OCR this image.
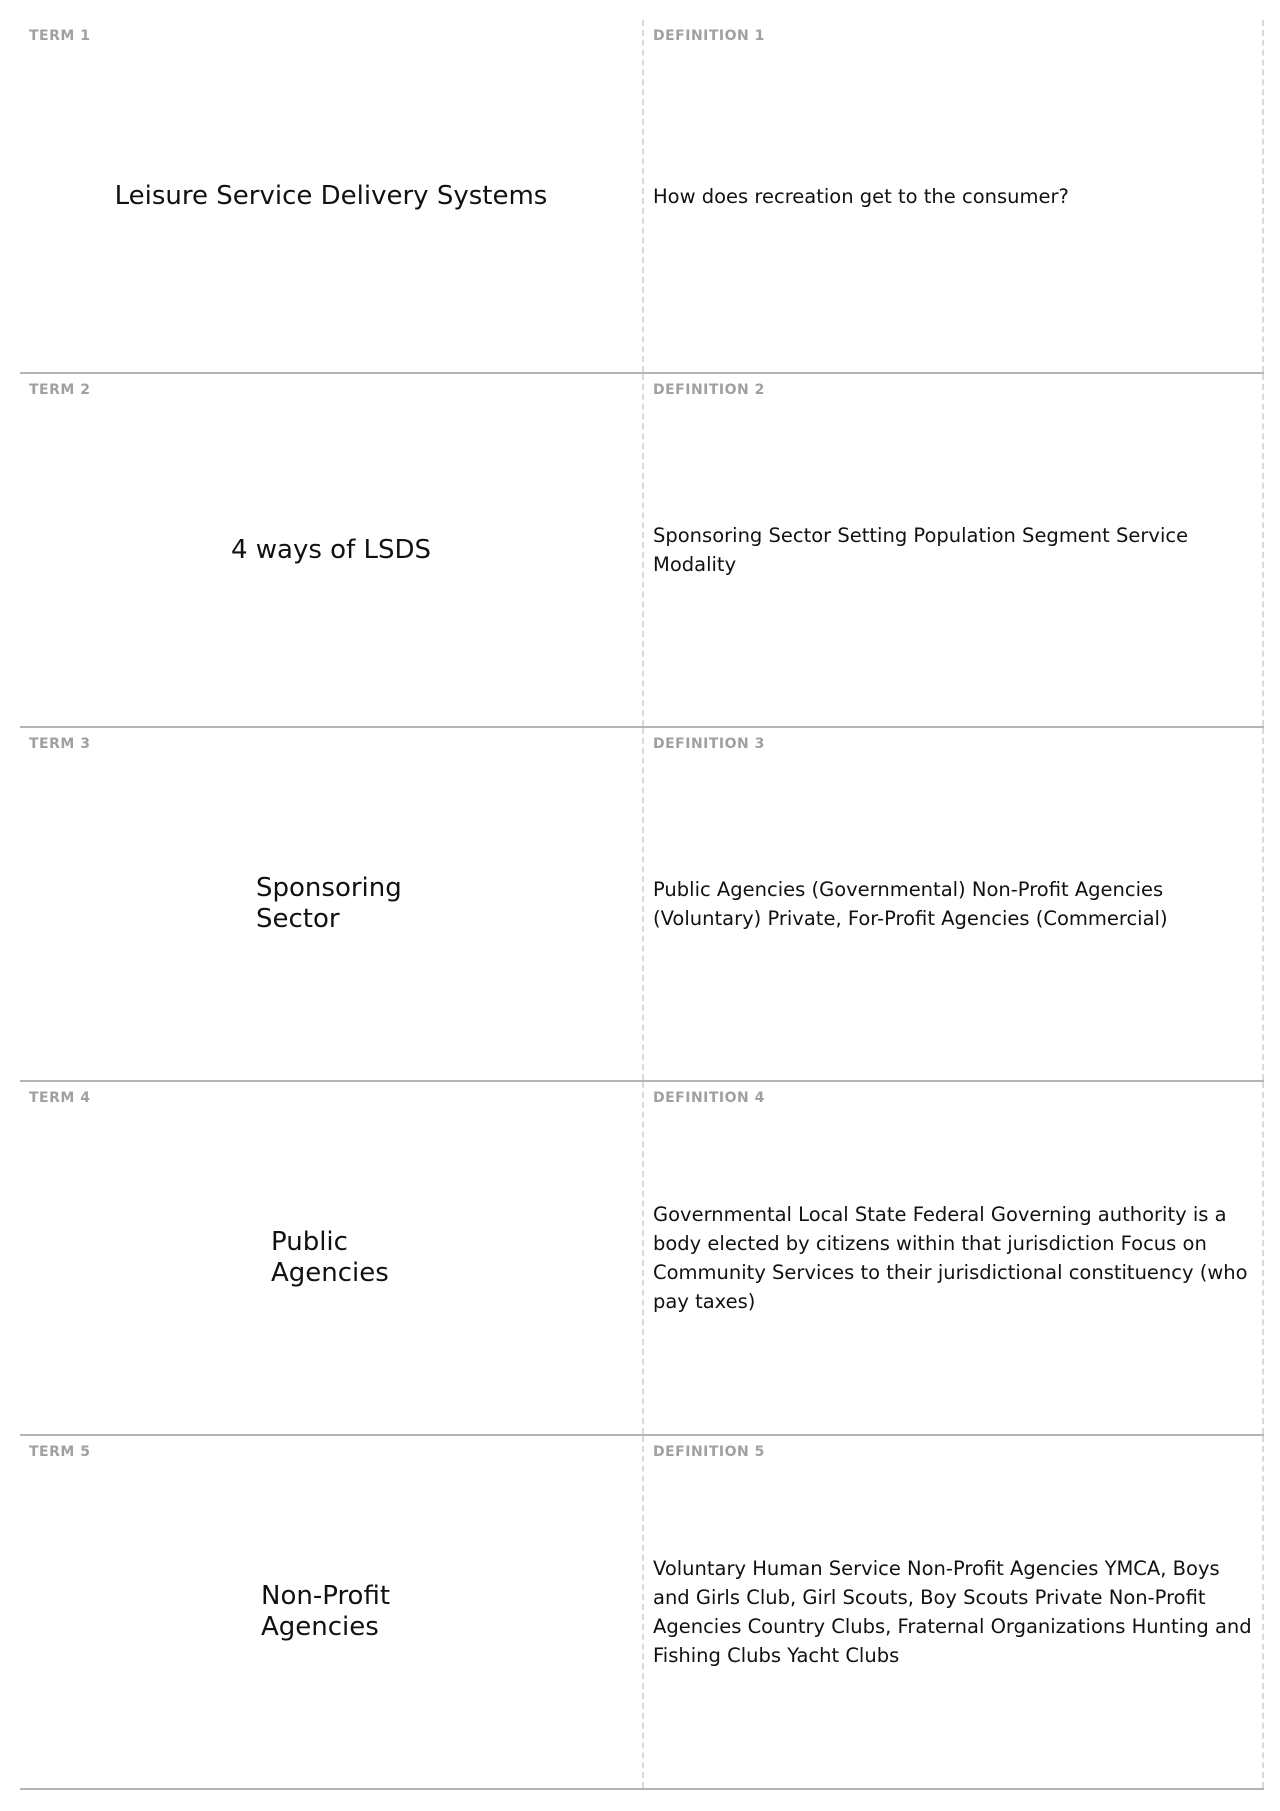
TERM 1
Leisure Service Delivery Systems
DEFINITION 1
How does recreation get to the consumer?
TERM 2
4 ways of LSDS
DEFINITION 2
Sponsoring Sector Setting Population Segment Service Modality
TERM 3
Sponsoring Sector
DEFINITION 3
Public Agencies (Governmental) Non-Profit Agencies (Voluntary) Private, For-Profit Agencies (Commercial)
TERM 4
Public Agencies
DEFINITION 4
Governmental Local State Federal Governing authority is a body elected by citizens within that jurisdiction Focus on Community Services to their jurisdictional constituency (who pay taxes)
TERM 5
Non-Profit Agencies
DEFINITION 5
Voluntary Human Service Non-Profit Agencies YMCA, Boys and Girls Club, Girl Scouts, Boy Scouts Private Non-Profit Agencies Country Clubs, Fraternal Organizations Hunting and Fishing Clubs Yacht Clubs
